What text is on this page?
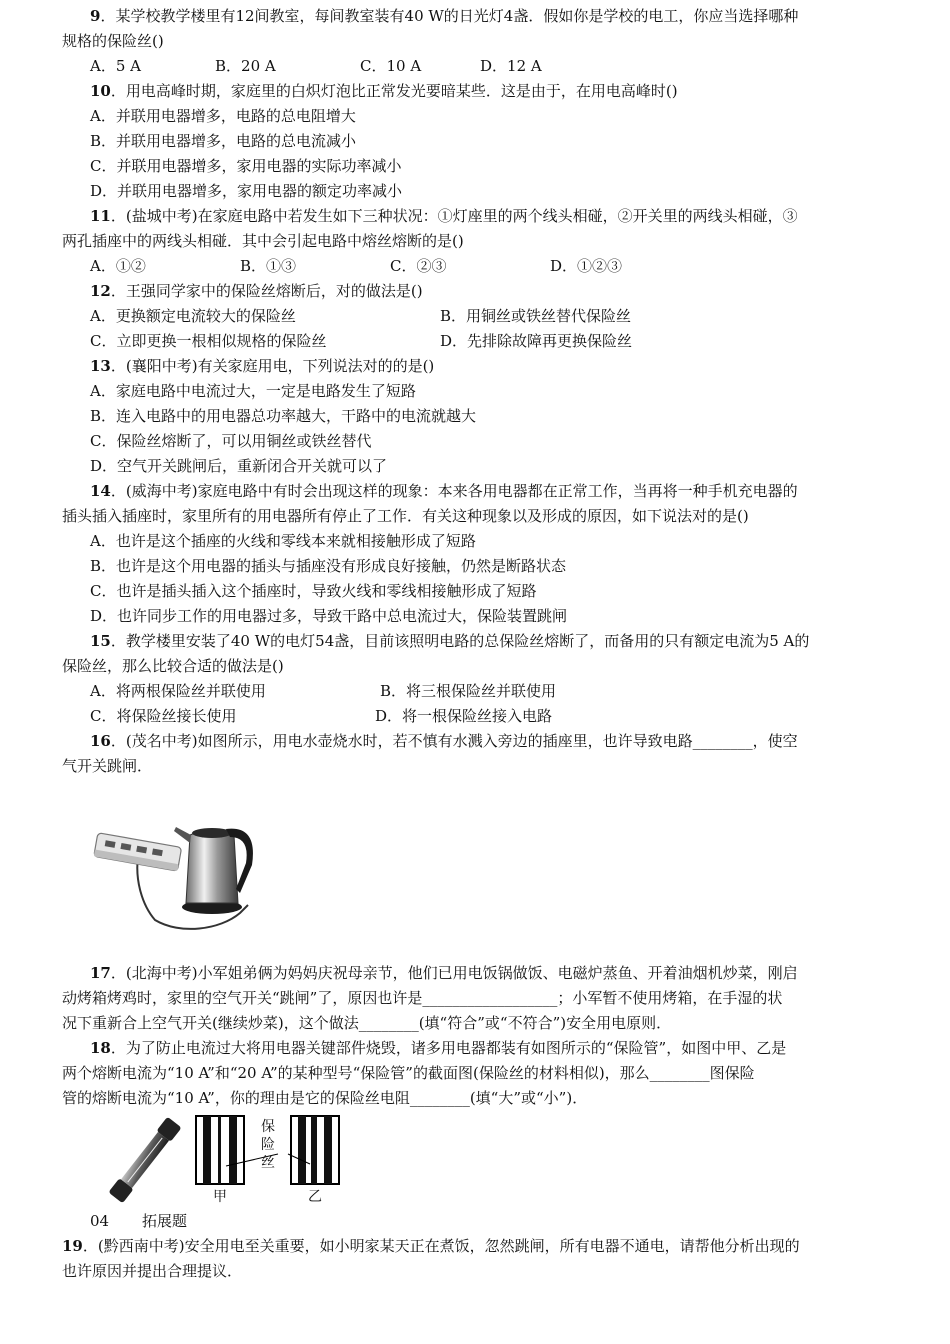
9．某学校教学楼里有12间教室，每间教室装有40 W的日光灯4盏．假如你是学校的电工，你应当选择哪种
规格的保险丝()
A．5 A	B．20 A	C．10 A	D．12 A
10．用电高峰时期，家庭里的白炽灯泡比正常发光要暗某些．这是由于，在用电高峰时()
A．并联用电器增多，电路的总电阻增大
B．并联用电器增多，电路的总电流减小
C．并联用电器增多，家用电器的实际功率减小
D．并联用电器增多，家用电器的额定功率减小
11．(盐城中考)在家庭电路中若发生如下三种状况：①灯座里的两个线头相碰，②开关里的两线头相碰，③
两孔插座中的两线头相碰．其中会引起电路中熔丝熔断的是()
A．①②	B．①③	C．②③	D．①②③
12．王强同学家中的保险丝熔断后，对的做法是()
A．更换额定电流较大的保险丝	B．用铜丝或铁丝替代保险丝
C．立即更换一根相似规格的保险丝	D．先排除故障再更换保险丝
13．(襄阳中考)有关家庭用电，下列说法对的的是()
A．家庭电路中电流过大，一定是电路发生了短路
B．连入电路中的用电器总功率越大，干路中的电流就越大
C．保险丝熔断了，可以用铜丝或铁丝替代
D．空气开关跳闸后，重新闭合开关就可以了
14．(威海中考)家庭电路中有时会出现这样的现象：本来各用电器都在正常工作，当再将一种手机充电器的
插头插入插座时，家里所有的用电器所有停止了工作．有关这种现象以及形成的原因，如下说法对的是()
A．也许是这个插座的火线和零线本来就相接触形成了短路
B．也许是这个用电器的插头与插座没有形成良好接触，仍然是断路状态
C．也许是插头插入这个插座时，导致火线和零线相接触形成了短路
D．也许同步工作的用电器过多，导致干路中总电流过大，保险装置跳闸
15．教学楼里安装了40 W的电灯54盏，目前该照明电路的总保险丝熔断了，而备用的只有额定电流为5 A的
保险丝，那么比较合适的做法是()
A．将两根保险丝并联使用	B．将三根保险丝并联使用
C．将保险丝接长使用	D．将一根保险丝接入电路
16．(茂名中考)如图所示，用电水壶烧水时，若不慎有水溅入旁边的插座里，也许导致电路________，使空
气开关跳闸．
17．(北海中考)小军姐弟俩为妈妈庆祝母亲节，他们已用电饭锅做饭、电磁炉蒸鱼、开着油烟机炒菜，刚启
动烤箱烤鸡时，家里的空气开关“跳闸”了，原因也许是__________________；小军暂不使用烤箱，在手湿的状
况下重新合上空气开关(继续炒菜)，这个做法________(填“符合”或“不符合”)安全用电原则．
18．为了防止电流过大将用电器关键部件烧毁，诸多用电器都装有如图所示的“保险管”，如图中甲、乙是
两个熔断电流为“10 A”和“20 A”的某种型号“保险管”的截面图(保险丝的材料相似)，那么________图保险
管的熔断电流为“10 A”，你的理由是它的保险丝电阻________(填“大”或“小”)．
保险丝
甲	乙
04 拓展题
19．(黔西南中考)安全用电至关重要，如小明家某天正在煮饭，忽然跳闸，所有电器不通电，请帮他分析出现的
也许原因并提出合理提议．
